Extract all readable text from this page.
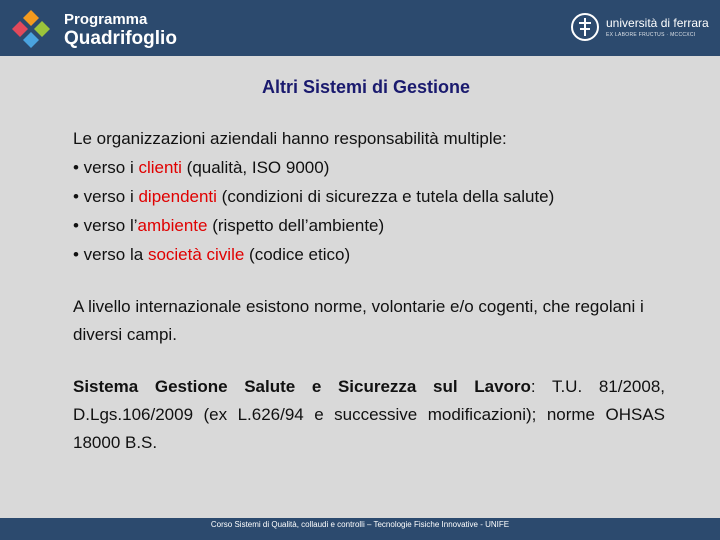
Programma
Quadrifoglio
università di ferrara
EX LABORE FRUCTUS · MCCCXCI
Altri Sistemi di Gestione
Le organizzazioni aziendali hanno responsabilità multiple:
• verso i clienti (qualità, ISO 9000)
• verso i dipendenti (condizioni di sicurezza e tutela della salute)
• verso l’ambiente (rispetto dell’ambiente)
• verso la società civile (codice etico)
A livello internazionale esistono norme, volontarie e/o cogenti, che regolani i diversi campi.
Sistema Gestione Salute e Sicurezza sul Lavoro: T.U. 81/2008, D.Lgs.106/2009 (ex L.626/94 e successive modificazioni); norme OHSAS 18000 B.S.
Corso Sistemi di Qualità, collaudi e controlli – Tecnologie Fisiche Innovative - UNIFE
